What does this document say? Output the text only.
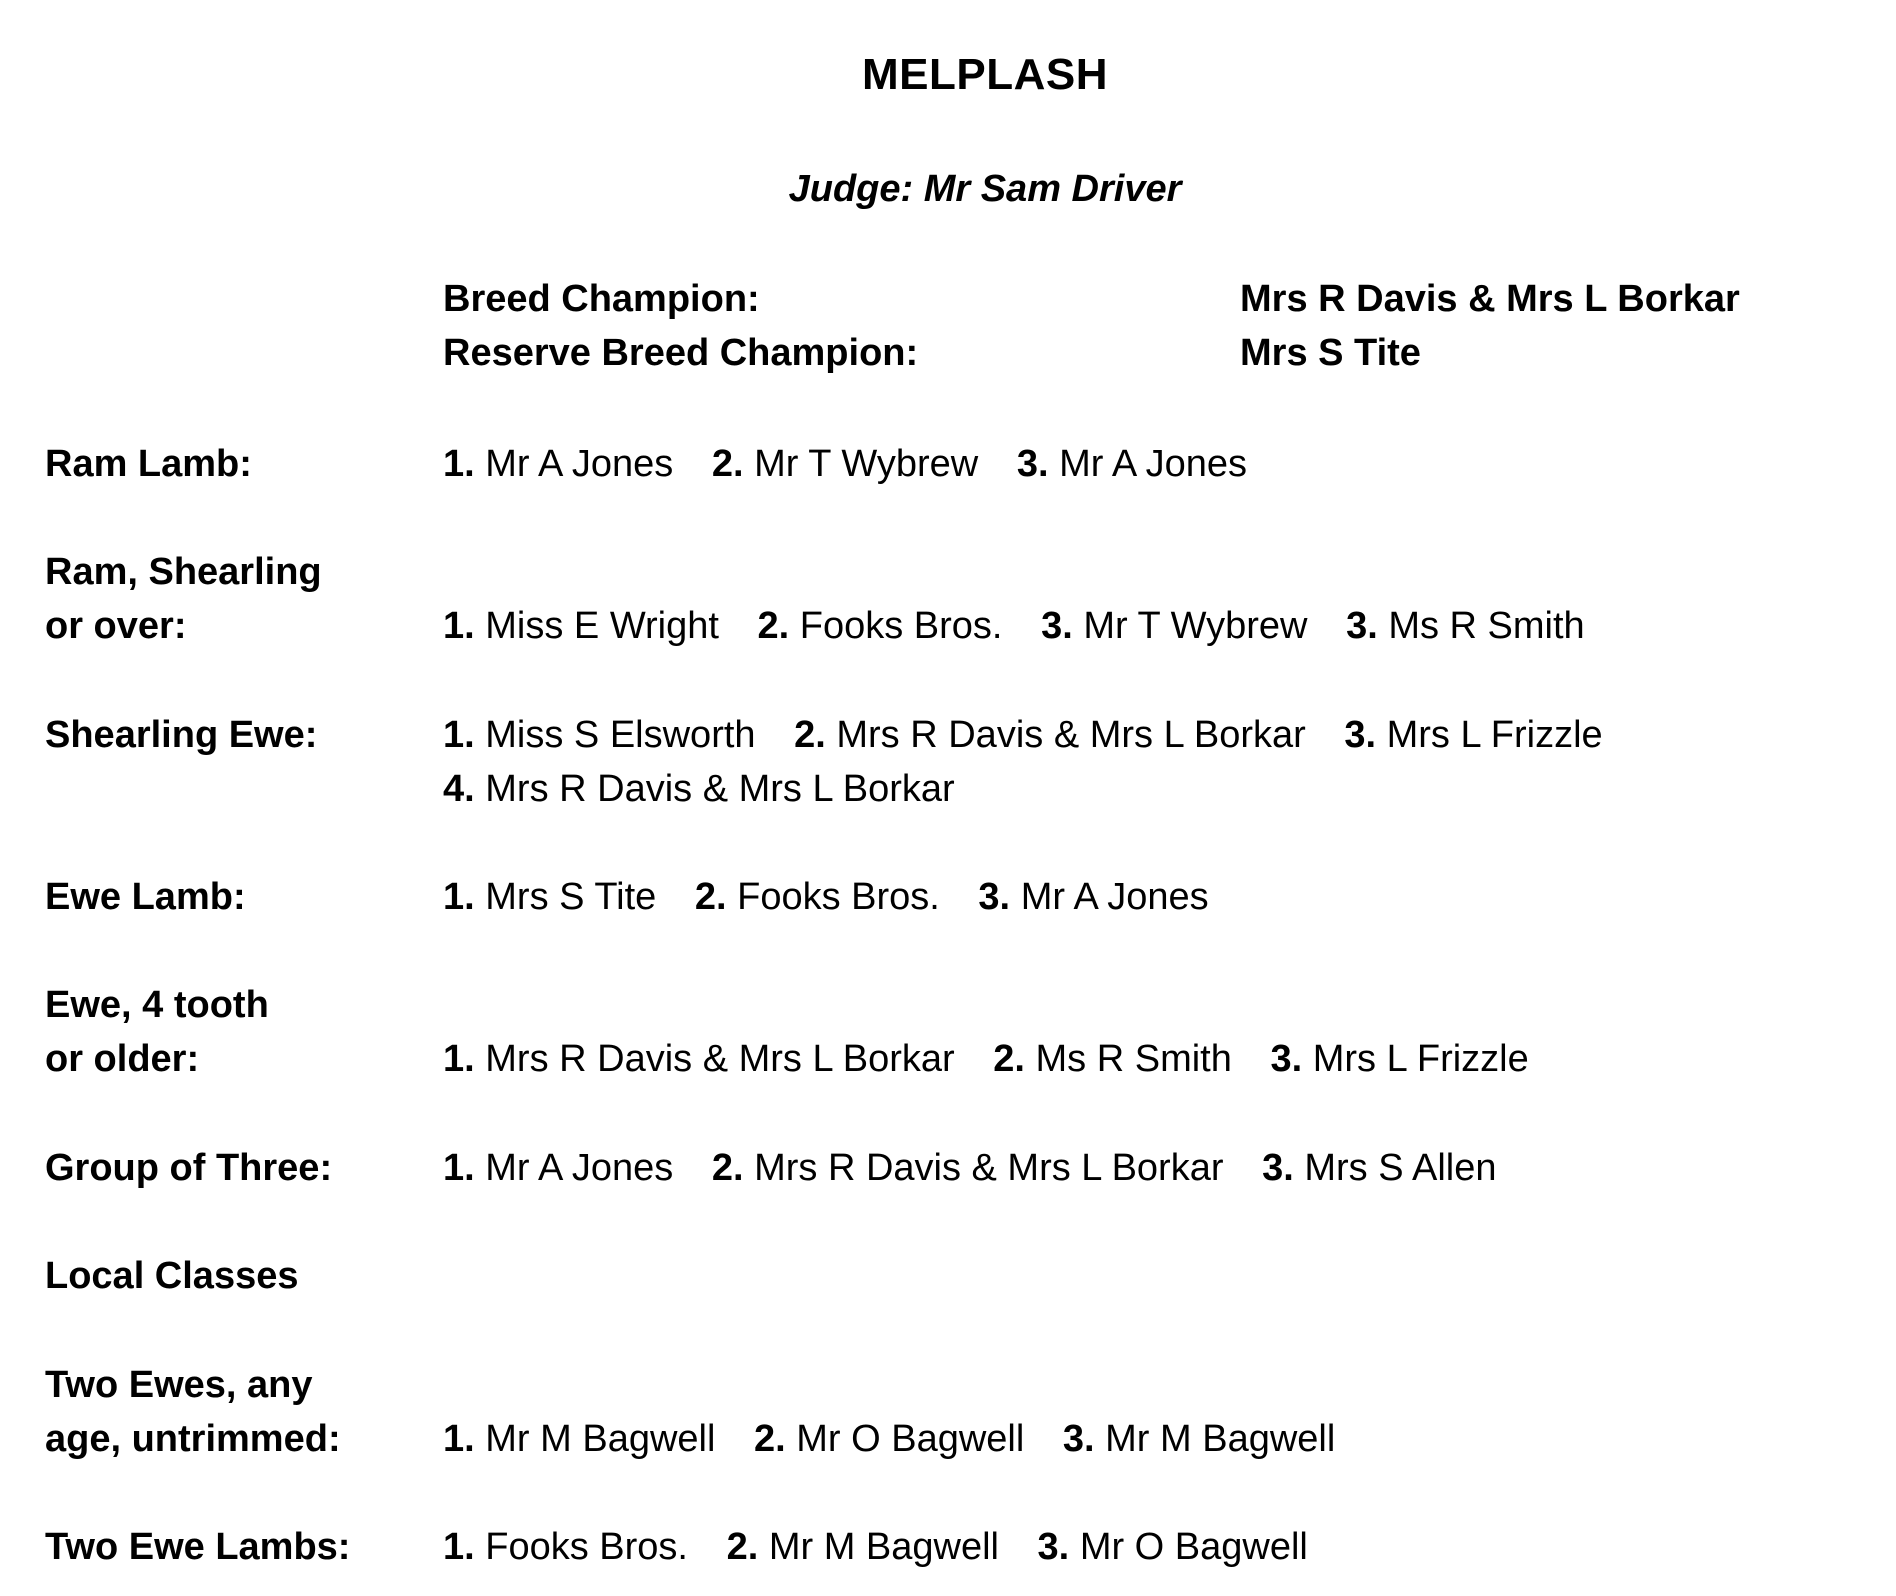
MELPLASH
Judge: Mr Sam Driver
Breed Champion:	Mrs R Davis & Mrs L Borkar
Reserve Breed Champion:	Mrs S Tite
Ram Lamb:	1. Mr A Jones 2. Mr T Wybrew 3. Mr A Jones
Ram, Shearling
or over:	1. Miss E Wright 2. Fooks Bros. 3. Mr T Wybrew 3. Ms R Smith
Shearling Ewe:	1. Miss S Elsworth 2. Mrs R Davis & Mrs L Borkar 3. Mrs L Frizzle
4. Mrs R Davis & Mrs L Borkar
Ewe Lamb:	1. Mrs S Tite 2. Fooks Bros. 3. Mr A Jones
Ewe, 4 tooth
or older:	1. Mrs R Davis & Mrs L Borkar 2. Ms R Smith 3. Mrs L Frizzle
Group of Three:	1. Mr A Jones 2. Mrs R Davis & Mrs L Borkar 3. Mrs S Allen
Local Classes
Two Ewes, any
age, untrimmed:	1. Mr M Bagwell 2. Mr O Bagwell 3. Mr M Bagwell
Two Ewe Lambs: 1. Fooks Bros. 2. Mr M Bagwell 3. Mr O Bagwell
